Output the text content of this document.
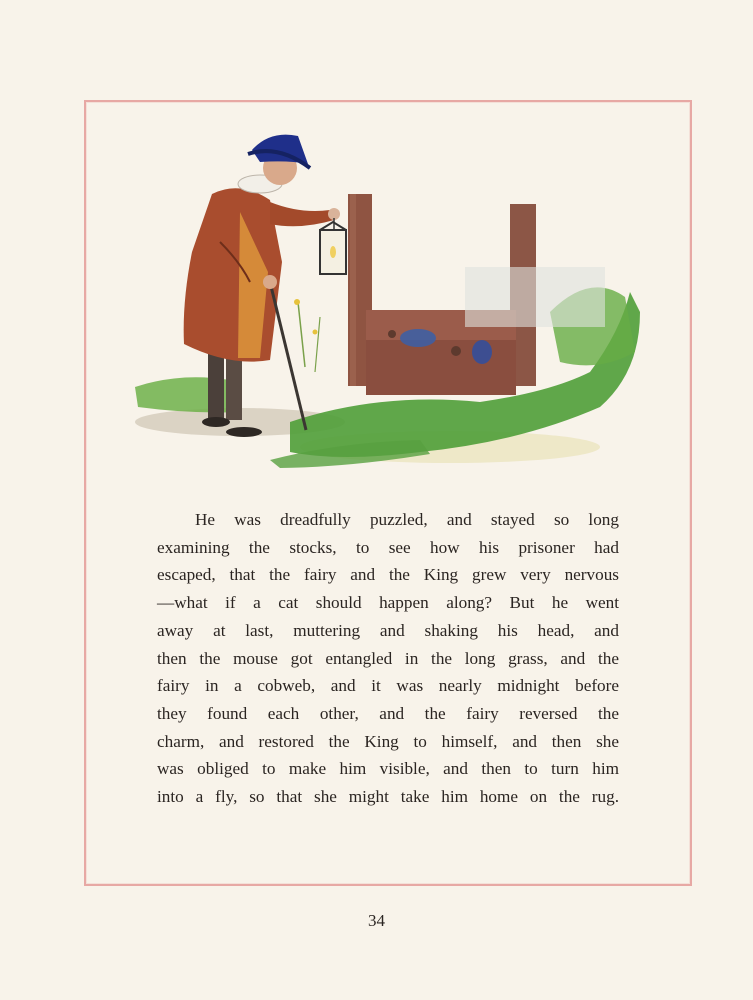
He was dreadfully puzzled, and stayed so long
examining the stocks, to see how his prisoner had
escaped, that the fairy and the King grew very nervous
—what if a cat should happen along? But he went
away at last, muttering and shaking his head, and
then the mouse got entangled in the long grass, and the
fairy in a cobweb, and it was nearly midnight before
they found each other, and the fairy reversed the
charm, and restored the King to himself, and then she
was obliged to make him visible, and then to turn him
into a fly, so that she might take him home on the rug.
34
